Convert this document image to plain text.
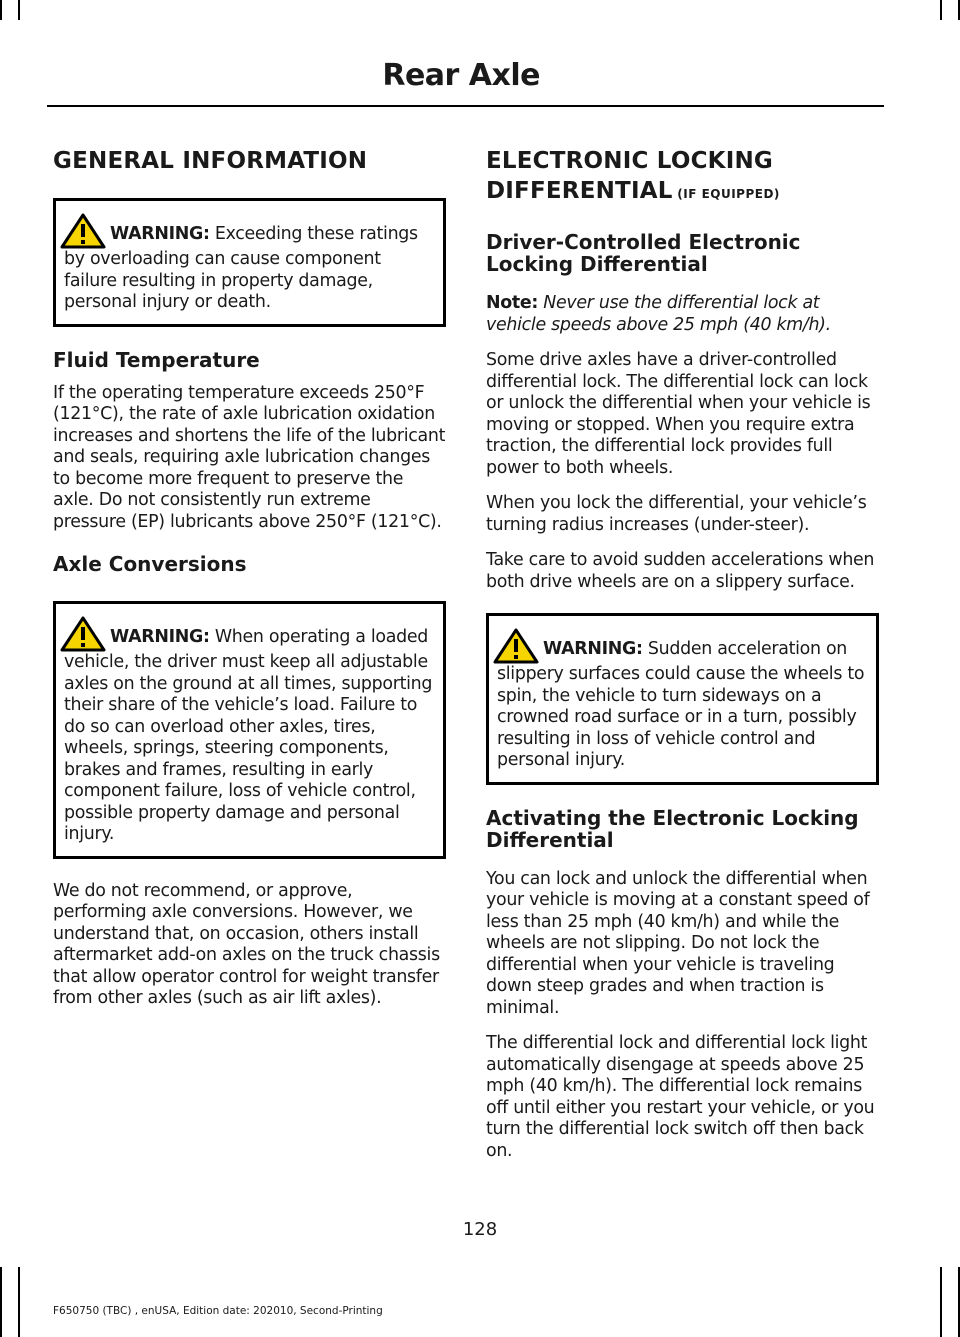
Rear Axle
GENERAL INFORMATION
WARNING: Exceeding these ratings by overloading can cause component failure resulting in property damage, personal injury or death.
Fluid Temperature

If the operating temperature exceeds 250°F (121°C), the rate of axle lubrication oxidation increases and shortens the life of the lubricant and seals, requiring axle lubrication changes to become more frequent to preserve the axle. Do not consistently run extreme pressure (EP) lubricants above 250°F (121°C).

Axle Conversions
WARNING: When operating a loaded vehicle, the driver must keep all adjustable axles on the ground at all times, supporting their share of the vehicle’s load. Failure to do so can overload other axles, tires, wheels, springs, steering components, brakes and frames, resulting in early component failure, loss of vehicle control, possible property damage and personal injury.

We do not recommend, or approve, performing axle conversions. However, we understand that, on occasion, others install aftermarket add-on axles on the truck chassis that allow operator control for weight transfer from other axles (such as air lift axles).

ELECTRONIC LOCKING
DIFFERENTIAL (IF EQUIPPED)
Driver-Controlled Electronic Locking Differential

Note: Never use the differential lock at vehicle speeds above 25 mph (40 km/h).

Some drive axles have a driver-controlled differential lock. The differential lock can lock or unlock the differential when your vehicle is moving or stopped. When you require extra traction, the differential lock provides full power to both wheels.

When you lock the differential, your vehicle’s turning radius increases (under-steer).

Take care to avoid sudden accelerations when both drive wheels are on a slippery surface.

WARNING: Sudden acceleration on slippery surfaces could cause the wheels to spin, the vehicle to turn sideways on a crowned road surface or in a turn, possibly resulting in loss of vehicle control and personal injury.
Activating the Electronic Locking Differential

You can lock and unlock the differential when your vehicle is moving at a constant speed of less than 25 mph (40 km/h) and while the wheels are not slipping. Do not lock the differential when your vehicle is traveling down steep grades and when traction is minimal.

The differential lock and differential lock light automatically disengage at speeds above 25 mph (40 km/h). The differential lock remains off until either you restart your vehicle, or you turn the differential lock switch off then back on.

128
F650750 (TBC) , enUSA, Edition date: 202010, Second-Printing
